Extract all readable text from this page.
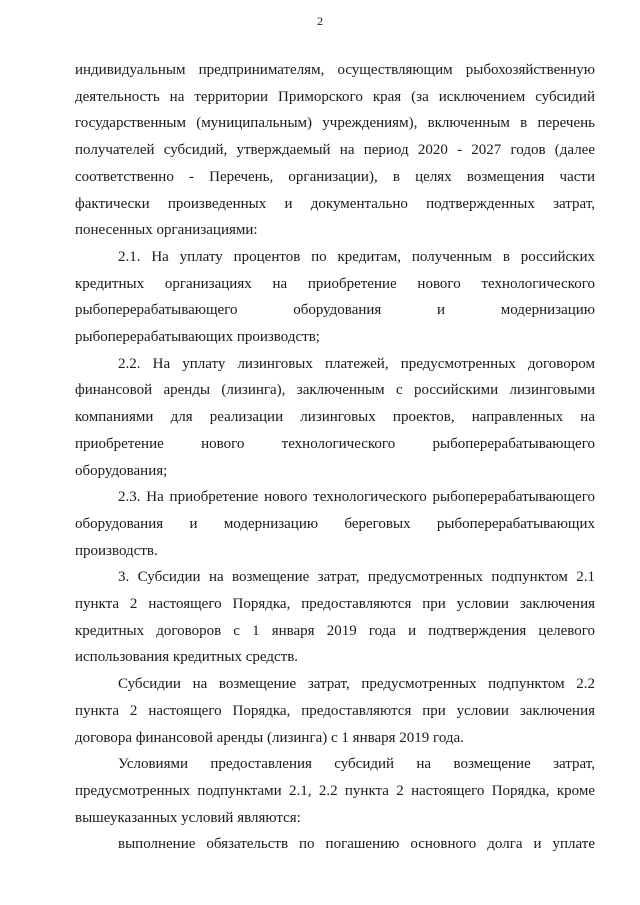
2
индивидуальным предпринимателям, осуществляющим рыбохозяйственную
деятельность на территории Приморского края (за исключением субсидий
государственным (муниципальным) учреждениям), включенным в перечень
получателей субсидий, утверждаемый на период 2020 - 2027 годов (далее
соответственно - Перечень, организации), в целях возмещения части
фактически произведенных и документально подтвержденных затрат,
понесенных организациями:
2.1. На уплату процентов по кредитам, полученным в российских
кредитных организациях на приобретение нового технологического
рыбоперерабатывающего оборудования и модернизацию
рыбоперерабатывающих производств;
2.2. На уплату лизинговых платежей, предусмотренных договором
финансовой аренды (лизинга), заключенным с российскими лизинговыми
компаниями для реализации лизинговых проектов, направленных на
приобретение нового технологического рыбоперерабатывающего
оборудования;
2.3. На приобретение нового технологического рыбоперерабатывающего
оборудования и модернизацию береговых рыбоперерабатывающих
производств.
3. Субсидии на возмещение затрат, предусмотренных подпунктом 2.1
пункта 2 настоящего Порядка, предоставляются при условии заключения
кредитных договоров с 1 января 2019 года и подтверждения целевого
использования кредитных средств.
Субсидии на возмещение затрат, предусмотренных подпунктом 2.2
пункта 2 настоящего Порядка, предоставляются при условии заключения
договора финансовой аренды (лизинга) с 1 января 2019 года.
Условиями предоставления субсидий на возмещение затрат,
предусмотренных подпунктами 2.1, 2.2 пункта 2 настоящего Порядка, кроме
вышеуказанных условий являются:
выполнение обязательств по погашению основного долга и уплате
